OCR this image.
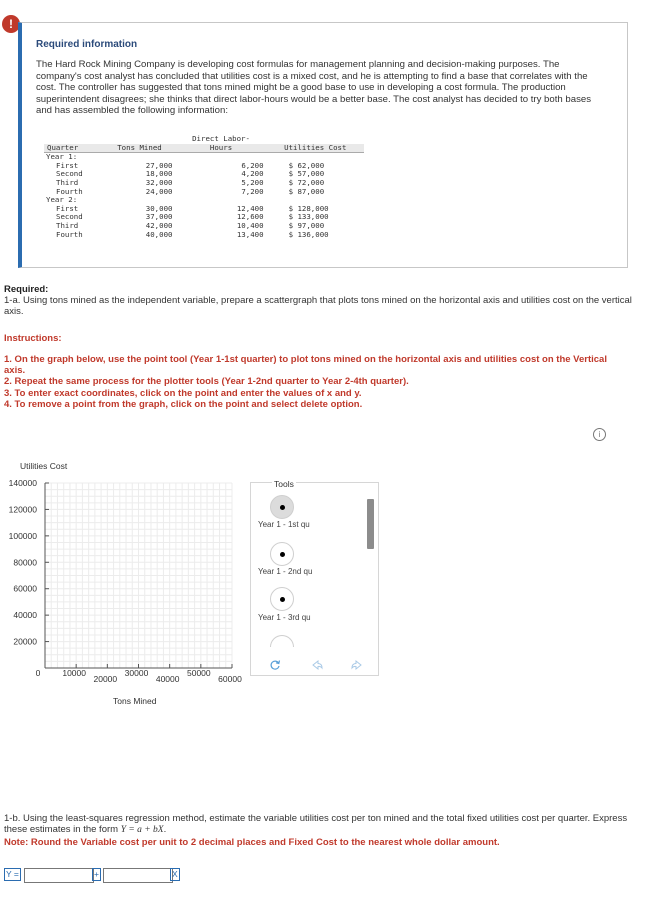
!
Required information
The Hard Rock Mining Company is developing cost formulas for management planning and decision-making purposes. The company's cost analyst has concluded that utilities cost is a mixed cost, and he is attempting to find a base that correlates with the cost. The controller has suggested that tons mined might be a good base to use in developing a cost formula. The production superintendent disagrees; she thinks that direct labor-hours would be a better base. The cost analyst has decided to try both bases and has assembled the following information:
		Direct Labor-	
Quarter	Tons Mined	Hours	Utilities Cost
Year 1:			
First	27,000	6,200	$ 62,000
Second	18,000	4,200	$ 57,000
Third	32,000	5,200	$ 72,000
Fourth	24,000	7,200	$ 87,000
Year 2:			
First	30,000	12,400	$ 128,000
Second	37,000	12,600	$ 133,000
Third	42,000	10,400	$ 97,000
Fourth	40,000	13,400	$ 136,000
Required:
1-a. Using tons mined as the independent variable, prepare a scattergraph that plots tons mined on the horizontal axis and utilities cost on the vertical axis.
Instructions:
1. On the graph below, use the point tool (Year 1-1st quarter) to plot tons mined on the horizontal axis and utilities cost on the Vertical axis.
2. Repeat the same process for the plotter tools (Year 1-2nd quarter to Year 2-4th quarter).
3. To enter exact coordinates, click on the point and enter the values of x and y.
4. To remove a point from the graph, click on the point and select delete option.
i
Utilities Cost
20000
40000
60000
80000
100000
120000
140000
10000
20000
30000
40000
50000
60000
0
Tons Mined
Tools
Year 1 - 1st qu
Year 1 - 2nd qu
Year 1 - 3rd qu
1-b. Using the least-squares regression method, estimate the variable utilities cost per ton mined and the total fixed utilities cost per quarter. Express these estimates in the form Y = a + bX.
Note: Round the Variable cost per unit to 2 decimal places and Fixed Cost to the nearest whole dollar amount.
Y =	+	X
